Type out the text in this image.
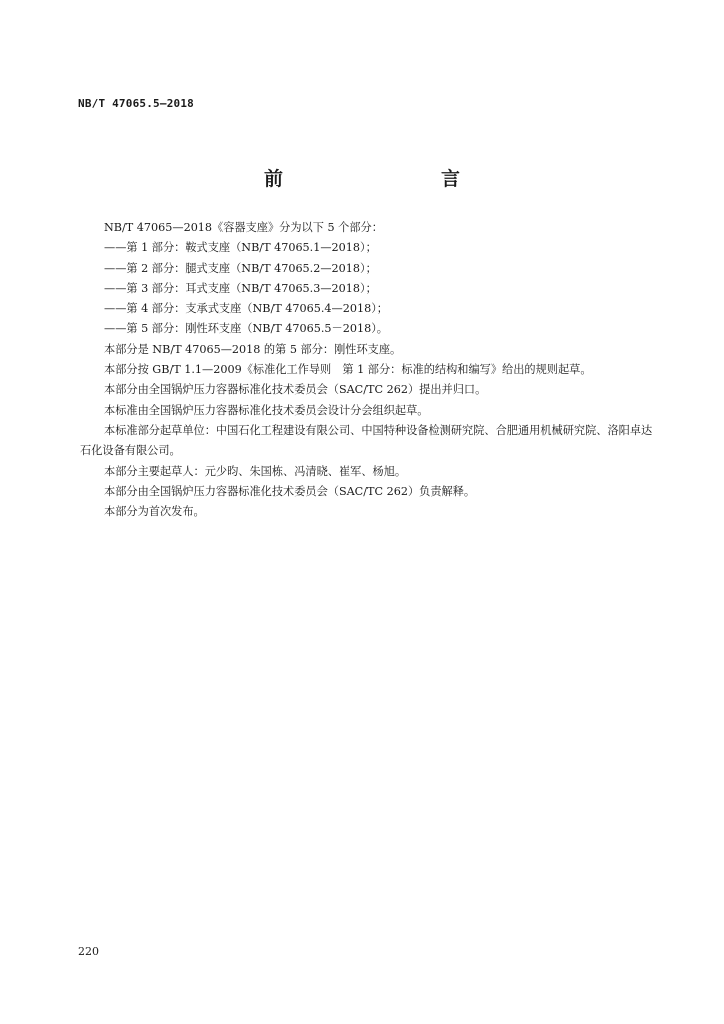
NB/T 47065.5—2018
前　　言

NB/T 47065—2018《容器支座》分为以下 5 个部分：

——第 1 部分：鞍式支座（NB/T 47065.1—2018）；

——第 2 部分：腿式支座（NB/T 47065.2—2018）；

——第 3 部分：耳式支座（NB/T 47065.3—2018）；

——第 4 部分：支承式支座（NB/T 47065.4—2018）；

——第 5 部分：刚性环支座（NB/T 47065.5－2018）。

本部分是 NB/T 47065—2018 的第 5 部分：刚性环支座。

本部分按 GB/T 1.1—2009《标准化工作导则　第 1 部分：标准的结构和编写》给出的规则起草。

本部分由全国锅炉压力容器标准化技术委员会（SAC/TC 262）提出并归口。

本标准由全国锅炉压力容器标准化技术委员会设计分会组织起草。

本标准部分起草单位：中国石化工程建设有限公司、中国特种设备检测研究院、合肥通用机械研究院、洛阳卓达石化设备有限公司。

本部分主要起草人：元少昀、朱国栋、冯清晓、崔军、杨旭。

本部分由全国锅炉压力容器标准化技术委员会（SAC/TC 262）负责解释。

本部分为首次发布。

220
